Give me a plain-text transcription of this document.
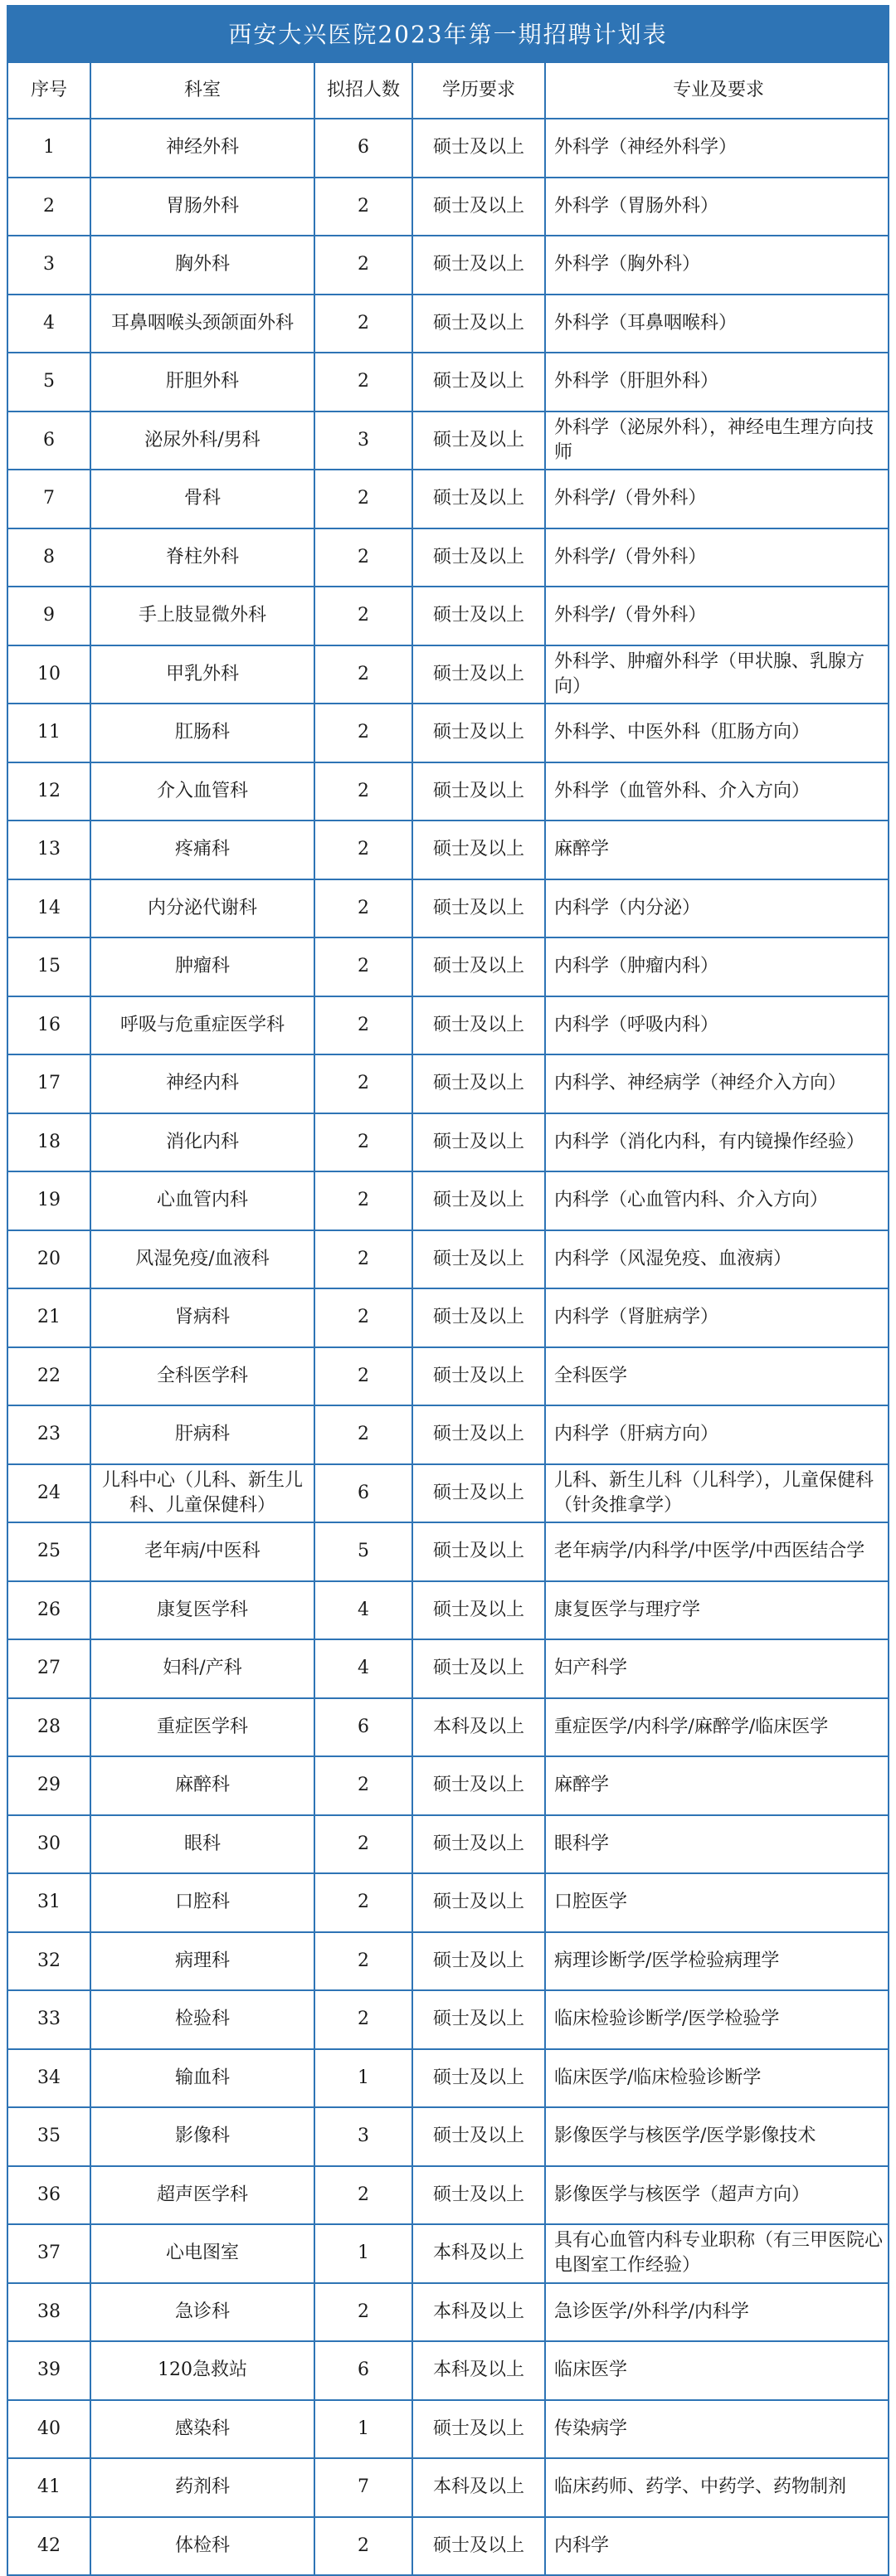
西安大兴医院2023年第一期招聘计划表
序号	科室	拟招人数	学历要求	专业及要求
1	神经外科	6	硕士及以上	外科学（神经外科学）
2	胃肠外科	2	硕士及以上	外科学（胃肠外科）
3	胸外科	2	硕士及以上	外科学（胸外科）
4	耳鼻咽喉头颈颌面外科	2	硕士及以上	外科学（耳鼻咽喉科）
5	肝胆外科	2	硕士及以上	外科学（肝胆外科）
6	泌尿外科/男科	3	硕士及以上	外科学（泌尿外科），神经电生理方向技师
7	骨科	2	硕士及以上	外科学/（骨外科）
8	脊柱外科	2	硕士及以上	外科学/（骨外科）
9	手上肢显微外科	2	硕士及以上	外科学/（骨外科）
10	甲乳外科	2	硕士及以上	外科学、肿瘤外科学（甲状腺、乳腺方向）
11	肛肠科	2	硕士及以上	外科学、中医外科（肛肠方向）
12	介入血管科	2	硕士及以上	外科学（血管外科、介入方向）
13	疼痛科	2	硕士及以上	麻醉学
14	内分泌代谢科	2	硕士及以上	内科学（内分泌）
15	肿瘤科	2	硕士及以上	内科学（肿瘤内科）
16	呼吸与危重症医学科	2	硕士及以上	内科学（呼吸内科）
17	神经内科	2	硕士及以上	内科学、神经病学（神经介入方向）
18	消化内科	2	硕士及以上	内科学（消化内科，有内镜操作经验）
19	心血管内科	2	硕士及以上	内科学（心血管内科、介入方向）
20	风湿免疫/血液科	2	硕士及以上	内科学（风湿免疫、血液病）
21	肾病科	2	硕士及以上	内科学（肾脏病学）
22	全科医学科	2	硕士及以上	全科医学
23	肝病科	2	硕士及以上	内科学（肝病方向）
24	儿科中心（儿科、新生儿科、儿童保健科）	6	硕士及以上	儿科、新生儿科（儿科学），儿童保健科（针灸推拿学）
25	老年病/中医科	5	硕士及以上	老年病学/内科学/中医学/中西医结合学
26	康复医学科	4	硕士及以上	康复医学与理疗学
27	妇科/产科	4	硕士及以上	妇产科学
28	重症医学科	6	本科及以上	重症医学/内科学/麻醉学/临床医学
29	麻醉科	2	硕士及以上	麻醉学
30	眼科	2	硕士及以上	眼科学
31	口腔科	2	硕士及以上	口腔医学
32	病理科	2	硕士及以上	病理诊断学/医学检验病理学
33	检验科	2	硕士及以上	临床检验诊断学/医学检验学
34	输血科	1	硕士及以上	临床医学/临床检验诊断学
35	影像科	3	硕士及以上	影像医学与核医学/医学影像技术
36	超声医学科	2	硕士及以上	影像医学与核医学（超声方向）
37	心电图室	1	本科及以上	具有心血管内科专业职称（有三甲医院心电图室工作经验）
38	急诊科	2	本科及以上	急诊医学/外科学/内科学
39	120急救站	6	本科及以上	临床医学
40	感染科	1	硕士及以上	传染病学
41	药剂科	7	本科及以上	临床药师、药学、中药学、药物制剂
42	体检科	2	硕士及以上	内科学
